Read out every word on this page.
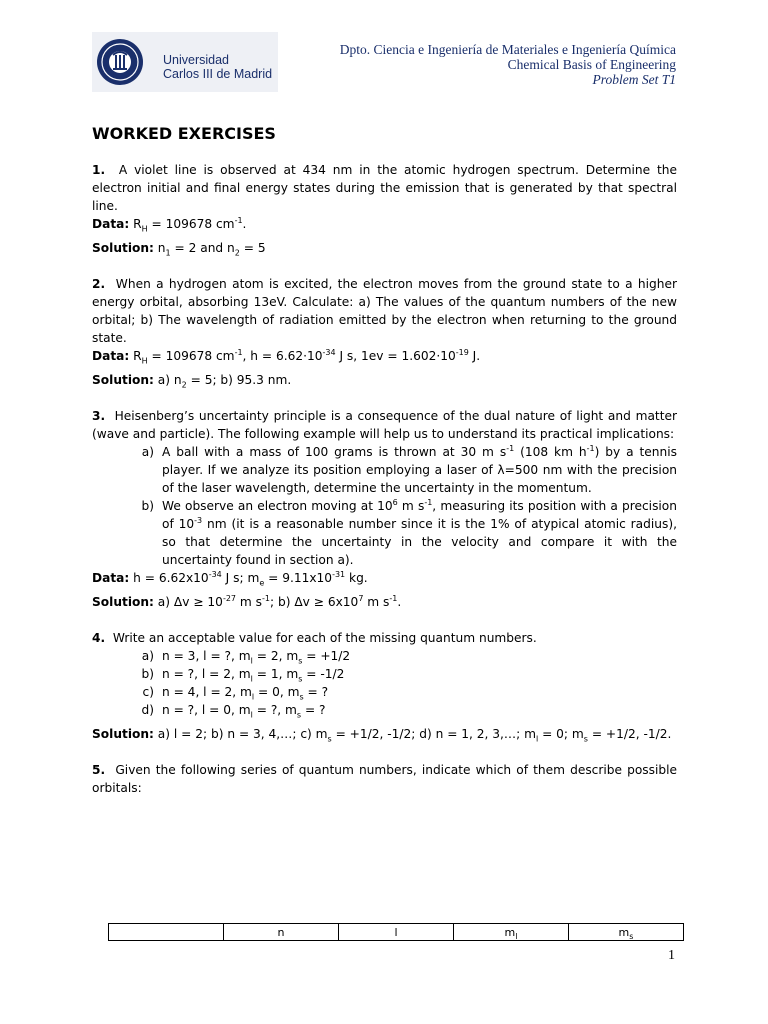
Universidad
Carlos III de Madrid
Dpto. Ciencia e Ingeniería de Materiales e Ingeniería Química
Chemical Basis of Engineering
Problem Set T1
WORKED EXERCISES

1. A violet line is observed at 434 nm in the atomic hydrogen spectrum. Determine the electron initial and final energy states during the emission that is generated by that spectral line.

Data: $R_H = 109678$ $cm^{-1}$.

Solution: $n_1 = 2$ and $n_2 = 5$

2. When a hydrogen atom is excited, the electron moves from the ground state to a higher energy orbital, absorbing 13eV. Calculate: a) The values of the quantum numbers of the new orbital; b) The wavelength of radiation emitted by the electron when returning to the ground state.

Data: $R_H = 109678$ $cm^{-1}$, $h = 6.62\cdot 10^{-34}$ J s, $1ev = 1.602\cdot 10^{-19}$ J.

Solution: a) $n_2 = 5$; b) 95.3 nm.

3. Heisenberg’s uncertainty principle is a consequence of the dual nature of light and matter (wave and particle). The following example will help us to understand its practical implications:

a) A ball with a mass of 100 grams is thrown at 30 m $s^{-1}$ (108 km $h^{-1}$) by a tennis player. If we analyze its position employing a laser of λ=500 nm with the precision of the laser wavelength, determine the uncertainty in the momentum.
b) We observe an electron moving at $10^6$ m $s^{-1}$, measuring its position with a precision of $10^{-3}$ nm (it is a reasonable number since it is the 1% of atypical atomic radius), so that determine the uncertainty in the velocity and compare it with the uncertainty found in section a).

Data: $h = 6.62x10^{-34}$ J s; $m_e = 9.11x10^{-31}$ kg.

Solution: a) $\Delta v \ge 10^{-27}$ m $s^{-1}$; b) $\Delta v \ge 6x10^7$ m $s^{-1}$.

4. Write an acceptable value for each of the missing quantum numbers.

a) n = 3, l = ?, $m_l = 2$, $m_s = +1/2$
b) n = ?, l = 2, $m_l = 1$, $m_s = -1/2$
c) n = 4, l = 2, $m_l = 0$, $m_s$ = ?
d) n = ?, l = 0, $m_l$ = ?, $m_s$ = ?

Solution: a) l = 2; b) n = 3, 4,…; c) $m_s = +1/2$, -1/2; d) n = 1, 2, 3,…; $m_l = 0$; $m_s = +1/2$, -1/2.

5. Given the following series of quantum numbers, indicate which of them describe possible orbitals:

	n	l	$m_l$	$m_s$
1
